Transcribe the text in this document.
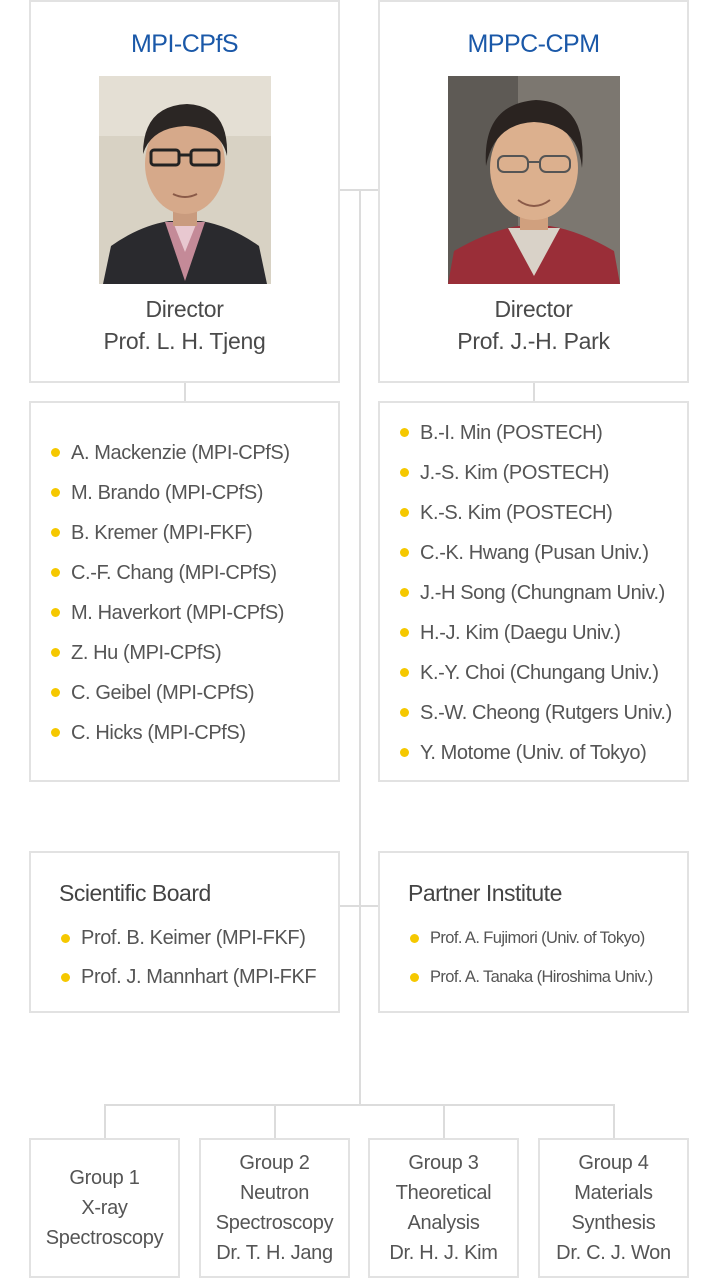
MPI-CPfS
Director
Prof. L. H. Tjeng
MPPC-CPM
Director
Prof. J.-H. Park
A. Mackenzie (MPI-CPfS)
M. Brando (MPI-CPfS)
B. Kremer (MPI-FKF)
C.-F. Chang (MPI-CPfS)
M. Haverkort (MPI-CPfS)
Z. Hu (MPI-CPfS)
C. Geibel (MPI-CPfS)
C. Hicks (MPI-CPfS)
B.-I. Min (POSTECH)
J.-S. Kim (POSTECH)
K.-S. Kim (POSTECH)
C.-K. Hwang (Pusan Univ.)
J.-H Song (Chungnam Univ.)
H.-J. Kim (Daegu Univ.)
K.-Y. Choi (Chungang Univ.)
S.-W. Cheong (Rutgers Univ.)
Y. Motome (Univ. of Tokyo)
Scientific Board
Prof. B. Keimer (MPI-FKF)
Prof. J. Mannhart (MPI-FKF
Partner Institute
Prof. A. Fujimori (Univ. of Tokyo)
Prof. A. Tanaka (Hiroshima Univ.)
Group 1
X-ray
Spectroscopy
Group 2
Neutron
Spectroscopy
Dr. T. H. Jang
Group 3
Theoretical
Analysis
Dr. H. J. Kim
Group 4
Materials
Synthesis
Dr. C. J. Won
